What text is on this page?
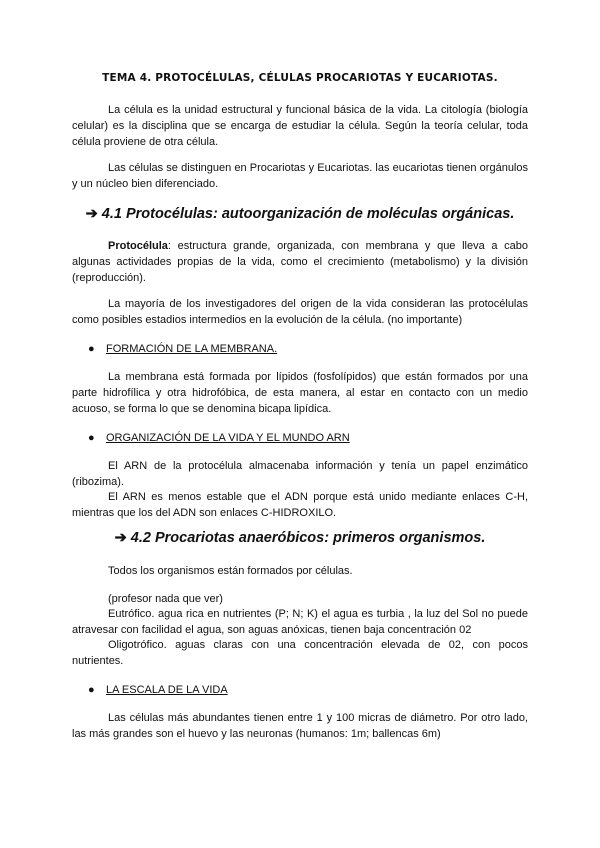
TEMA 4. PROTOCÉLULAS, CÉLULAS PROCARIOTAS Y EUCARIOTAS.

La célula es la unidad estructural y funcional básica de la vida. La citología (biología celular) es la disciplina que se encarga de estudiar la célula. Según la teoría celular, toda célula proviene de otra célula.

Las células se distinguen en Procariotas y Eucariotas. las eucariotas tienen orgánulos y un núcleo bien diferenciado.

➔ 4.1 Protocélulas: autoorganización de moléculas orgánicas.

Protocélula: estructura grande, organizada, con membrana y que lleva a cabo algunas actividades propias de la vida, como el crecimiento (metabolismo) y la división (reproducción).

La mayoría de los investigadores del origen de la vida consideran las protocélulas como posibles estadios intermedios en la evolución de la célula. (no importante)

● FORMACIÓN DE LA MEMBRANA.

La membrana está formada por lípidos (fosfolípidos) que están formados por una parte hidrofílica y otra hidrofóbica, de esta manera, al estar en contacto con un medio acuoso, se forma lo que se denomina bicapa lipídica.

● ORGANIZACIÓN DE LA VIDA Y EL MUNDO ARN

El ARN de la protocélula almacenaba información y tenía un papel enzimático (ribozima).

El ARN es menos estable que el ADN porque está unido mediante enlaces C-H, mientras que los del ADN son enlaces C-HIDROXILO.

➔ 4.2 Procariotas anaeróbicos: primeros organismos.

Todos los organismos están formados por células.

(profesor nada que ver)

Eutrófico. agua rica en nutrientes (P; N; K) el agua es turbia , la luz del Sol no puede atravesar con facilidad el agua, son aguas anóxicas, tienen baja concentración 02

Oligotrófico. aguas claras con una concentración elevada de 02, con pocos nutrientes.

● LA ESCALA DE LA VIDA

Las células más abundantes tienen entre 1 y 100 micras de diámetro. Por otro lado, las más grandes son el huevo y las neuronas (humanos: 1m; ballencas 6m)
